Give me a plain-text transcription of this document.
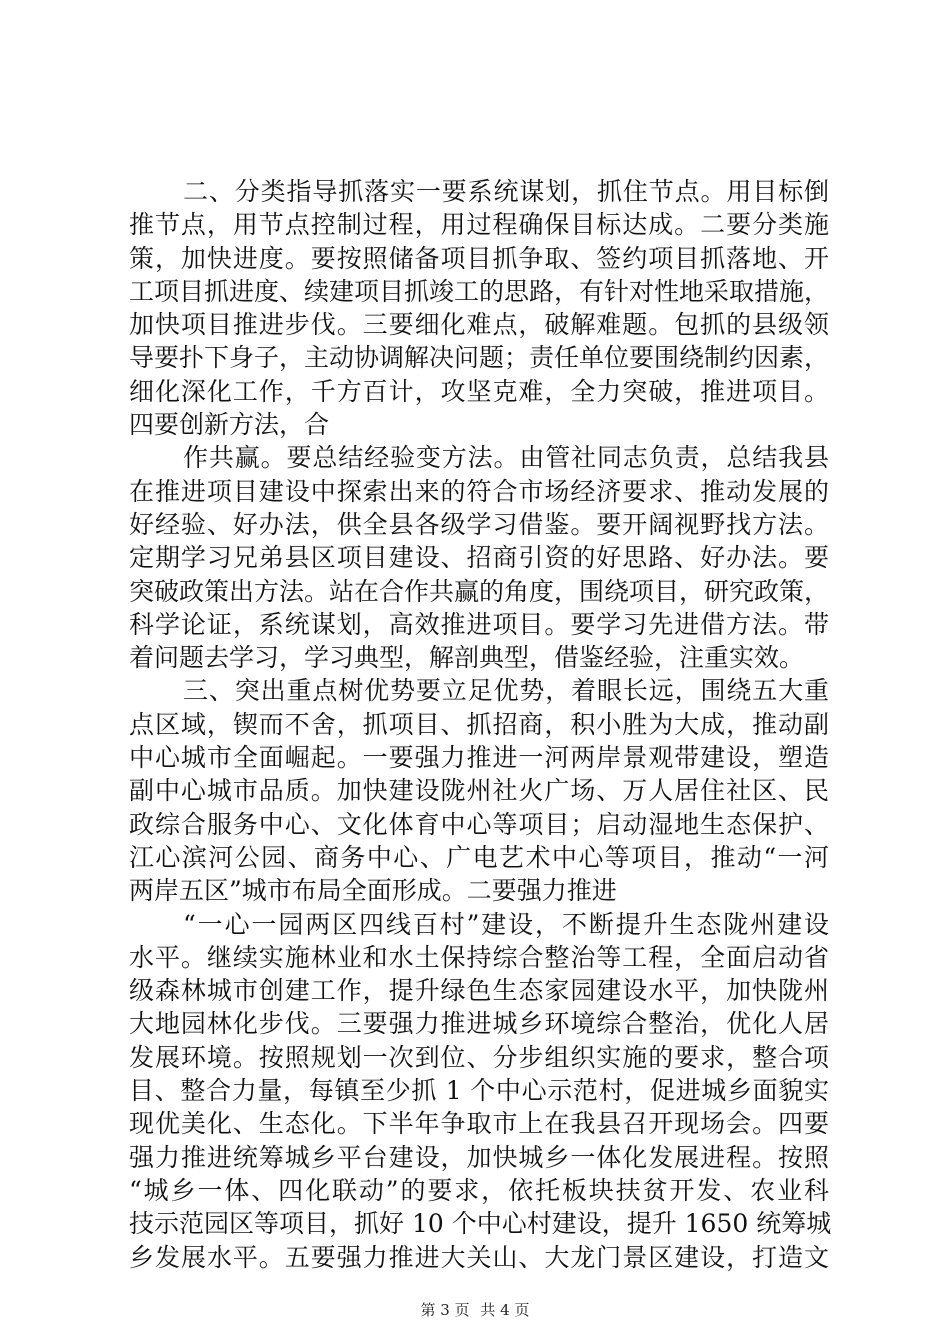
二、分类指导抓落实一要系统谋划，抓住节点。用目标倒
推节点，用节点控制过程，用过程确保目标达成。二要分类施
策，加快进度。要按照储备项目抓争取、签约项目抓落地、开
工项目抓进度、续建项目抓竣工的思路，有针对性地采取措施，
加快项目推进步伐。三要细化难点，破解难题。包抓的县级领
导要扑下身子，主动协调解决问题；责任单位要围绕制约因素，
细化深化工作，千方百计，攻坚克难，全力突破，推进项目。
四要创新方法，合
作共赢。要总结经验变方法。由管社同志负责，总结我县
在推进项目建设中探索出来的符合市场经济要求、推动发展的
好经验、好办法，供全县各级学习借鉴。要开阔视野找方法。
定期学习兄弟县区项目建设、招商引资的好思路、好办法。要
突破政策出方法。站在合作共赢的角度，围绕项目，研究政策，
科学论证，系统谋划，高效推进项目。要学习先进借方法。带
着问题去学习，学习典型，解剖典型，借鉴经验，注重实效。
三、突出重点树优势要立足优势，着眼长远，围绕五大重
点区域，锲而不舍，抓项目、抓招商，积小胜为大成，推动副
中心城市全面崛起。一要强力推进一河两岸景观带建设，塑造
副中心城市品质。加快建设陇州社火广场、万人居住社区、民
政综合服务中心、文化体育中心等项目；启动湿地生态保护、
江心滨河公园、商务中心、广电艺术中心等项目，推动“一河
两岸五区”城市布局全面形成。二要强力推进
“一心一园两区四线百村”建设，不断提升生态陇州建设
水平。继续实施林业和水土保持综合整治等工程，全面启动省
级森林城市创建工作，提升绿色生态家园建设水平，加快陇州
大地园林化步伐。三要强力推进城乡环境综合整治，优化人居
发展环境。按照规划一次到位、分步组织实施的要求，整合项
目、整合力量，每镇至少抓 1 个中心示范村，促进城乡面貌实
现优美化、生态化。下半年争取市上在我县召开现场会。四要
强力推进统筹城乡平台建设，加快城乡一体化发展进程。按照
“城乡一体、四化联动”的要求，依托板块扶贫开发、农业科
技示范园区等项目，抓好 10 个中心村建设，提升 1650 统筹城
乡发展水平。五要强力推进大关山、大龙门景区建设，打造文
第 3 页 共 4 页
